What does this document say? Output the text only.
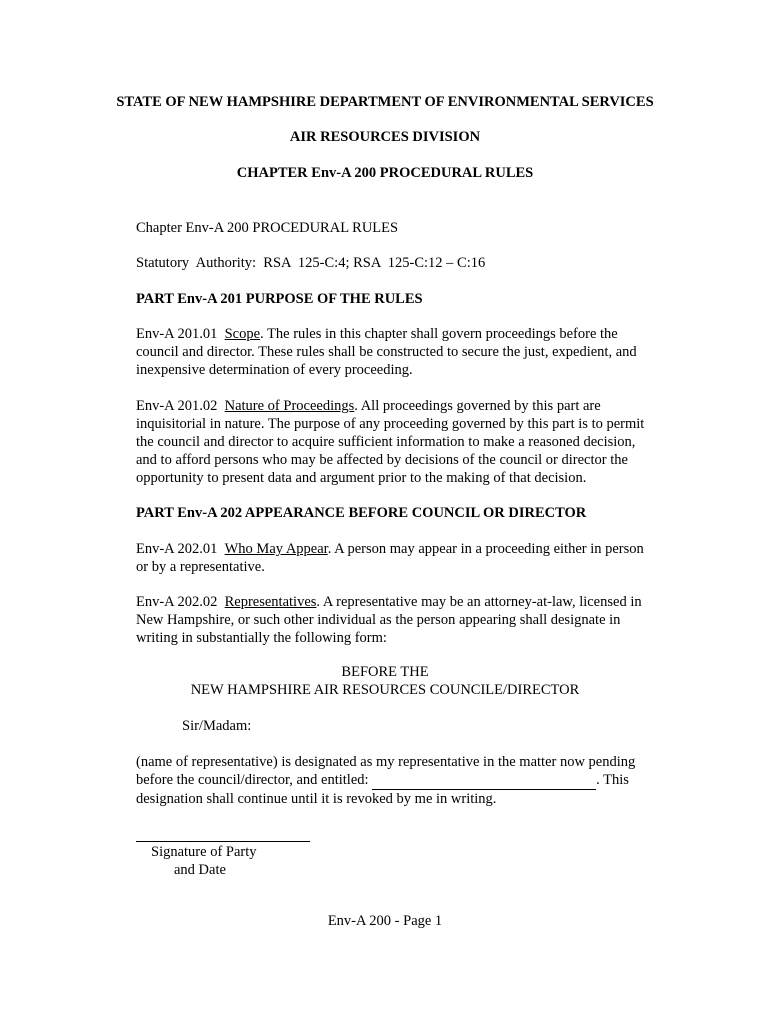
STATE OF NEW HAMPSHIRE DEPARTMENT OF ENVIRONMENTAL SERVICES
AIR RESOURCES DIVISION
CHAPTER Env-A 200 PROCEDURAL RULES
Chapter Env-A 200 PROCEDURAL RULES
Statutory  Authority:  RSA  125-C:4; RSA  125-C:12 – C:16
PART Env-A 201 PURPOSE OF THE RULES
Env-A 201.01 Scope. The rules in this chapter shall govern proceedings before the
council and director. These rules shall be constructed to secure the just, expedient, and
inexpensive determination of every proceeding.
Env-A 201.02 Nature of Proceedings. All proceedings governed by this part are
inquisitorial in nature. The purpose of any proceeding governed by this part is to permit
the council and director to acquire sufficient information to make a reasoned decision,
and to afford persons who may be affected by decisions of the council or director the
opportunity to present data and argument prior to the making of that decision.
PART Env-A 202 APPEARANCE BEFORE COUNCIL OR DIRECTOR
Env-A 202.01 Who May Appear. A person may appear in a proceeding either in person
or by a representative.
Env-A 202.02 Representatives. A representative may be an attorney-at-law, licensed in
New Hampshire, or such other individual as the person appearing shall designate in
writing in substantially the following form:
BEFORE THE
NEW HAMPSHIRE AIR RESOURCES COUNCILE/DIRECTOR
Sir/Madam:
(name of representative) is designated as my representative in the matter now pending
before the council/director, and entitled:	. This
designation shall continue until it is revoked by me in writing.
Signature of Party
and Date
Env-A 200 - Page 1
